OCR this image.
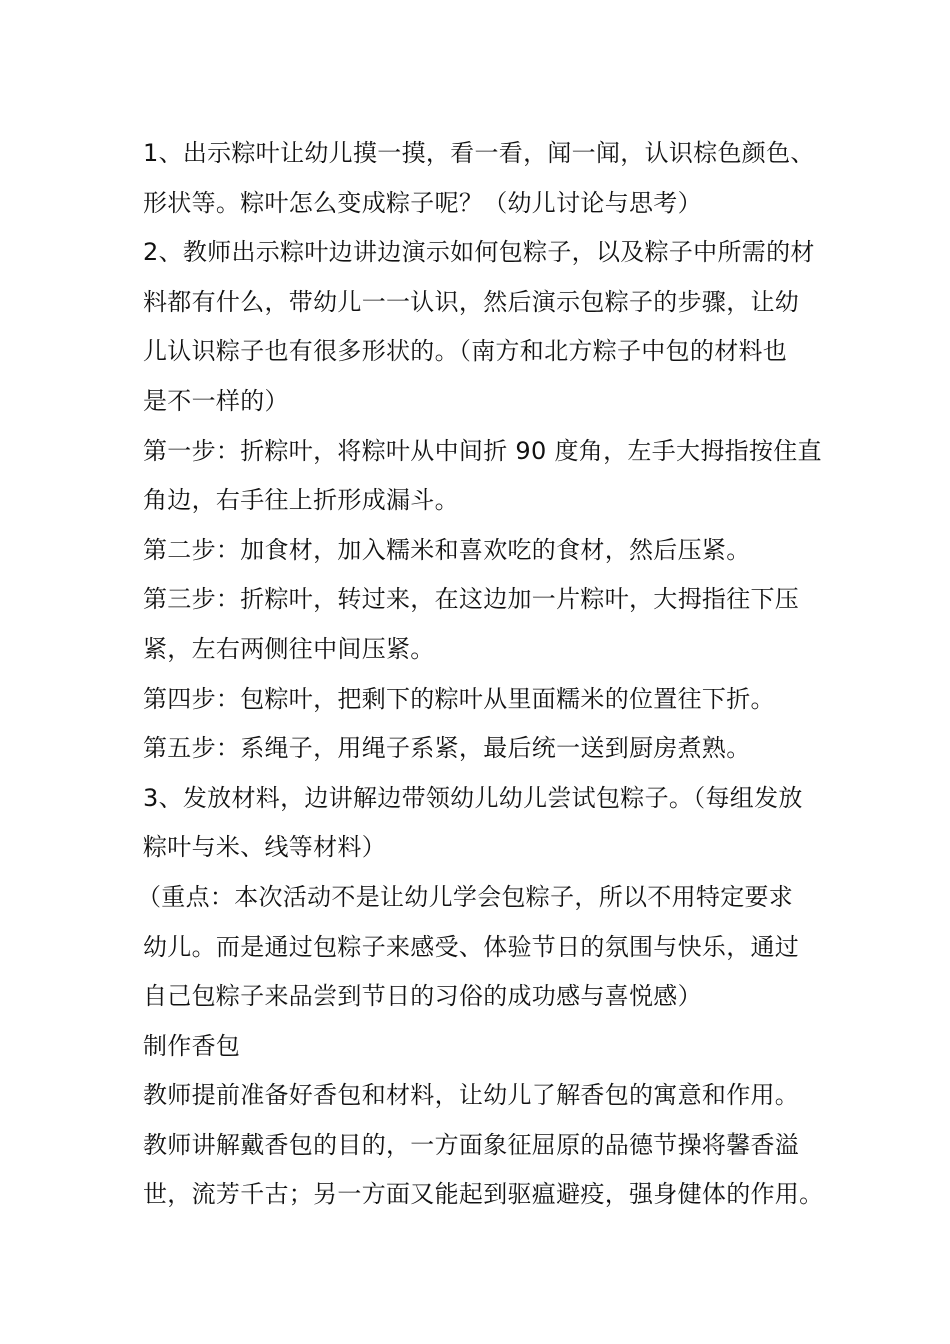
1、出示粽叶让幼儿摸一摸，看一看，闻一闻，认识棕色颜色、
形状等。粽叶怎么变成粽子呢？（幼儿讨论与思考）
2、教师出示粽叶边讲边演示如何包粽子，以及粽子中所需的材
料都有什么，带幼儿一一认识，然后演示包粽子的步骤，让幼
儿认识粽子也有很多形状的。（南方和北方粽子中包的材料也
是不一样的）
第一步：折粽叶，将粽叶从中间折 90 度角，左手大拇指按住直
角边，右手往上折形成漏斗。
第二步：加食材，加入糯米和喜欢吃的食材，然后压紧。
第三步：折粽叶，转过来，在这边加一片粽叶，大拇指往下压
紧，左右两侧往中间压紧。
第四步：包粽叶，把剩下的粽叶从里面糯米的位置往下折。
第五步：系绳子，用绳子系紧，最后统一送到厨房煮熟。
3、发放材料，边讲解边带领幼儿幼儿尝试包粽子。（每组发放
粽叶与米、线等材料）
（重点：本次活动不是让幼儿学会包粽子，所以不用特定要求
幼儿。而是通过包粽子来感受、体验节日的氛围与快乐，通过
自己包粽子来品尝到节日的习俗的成功感与喜悦感）
制作香包
教师提前准备好香包和材料，让幼儿了解香包的寓意和作用。
教师讲解戴香包的目的，一方面象征屈原的品德节操将馨香溢
世，流芳千古；另一方面又能起到驱瘟避疫，强身健体的作用。
